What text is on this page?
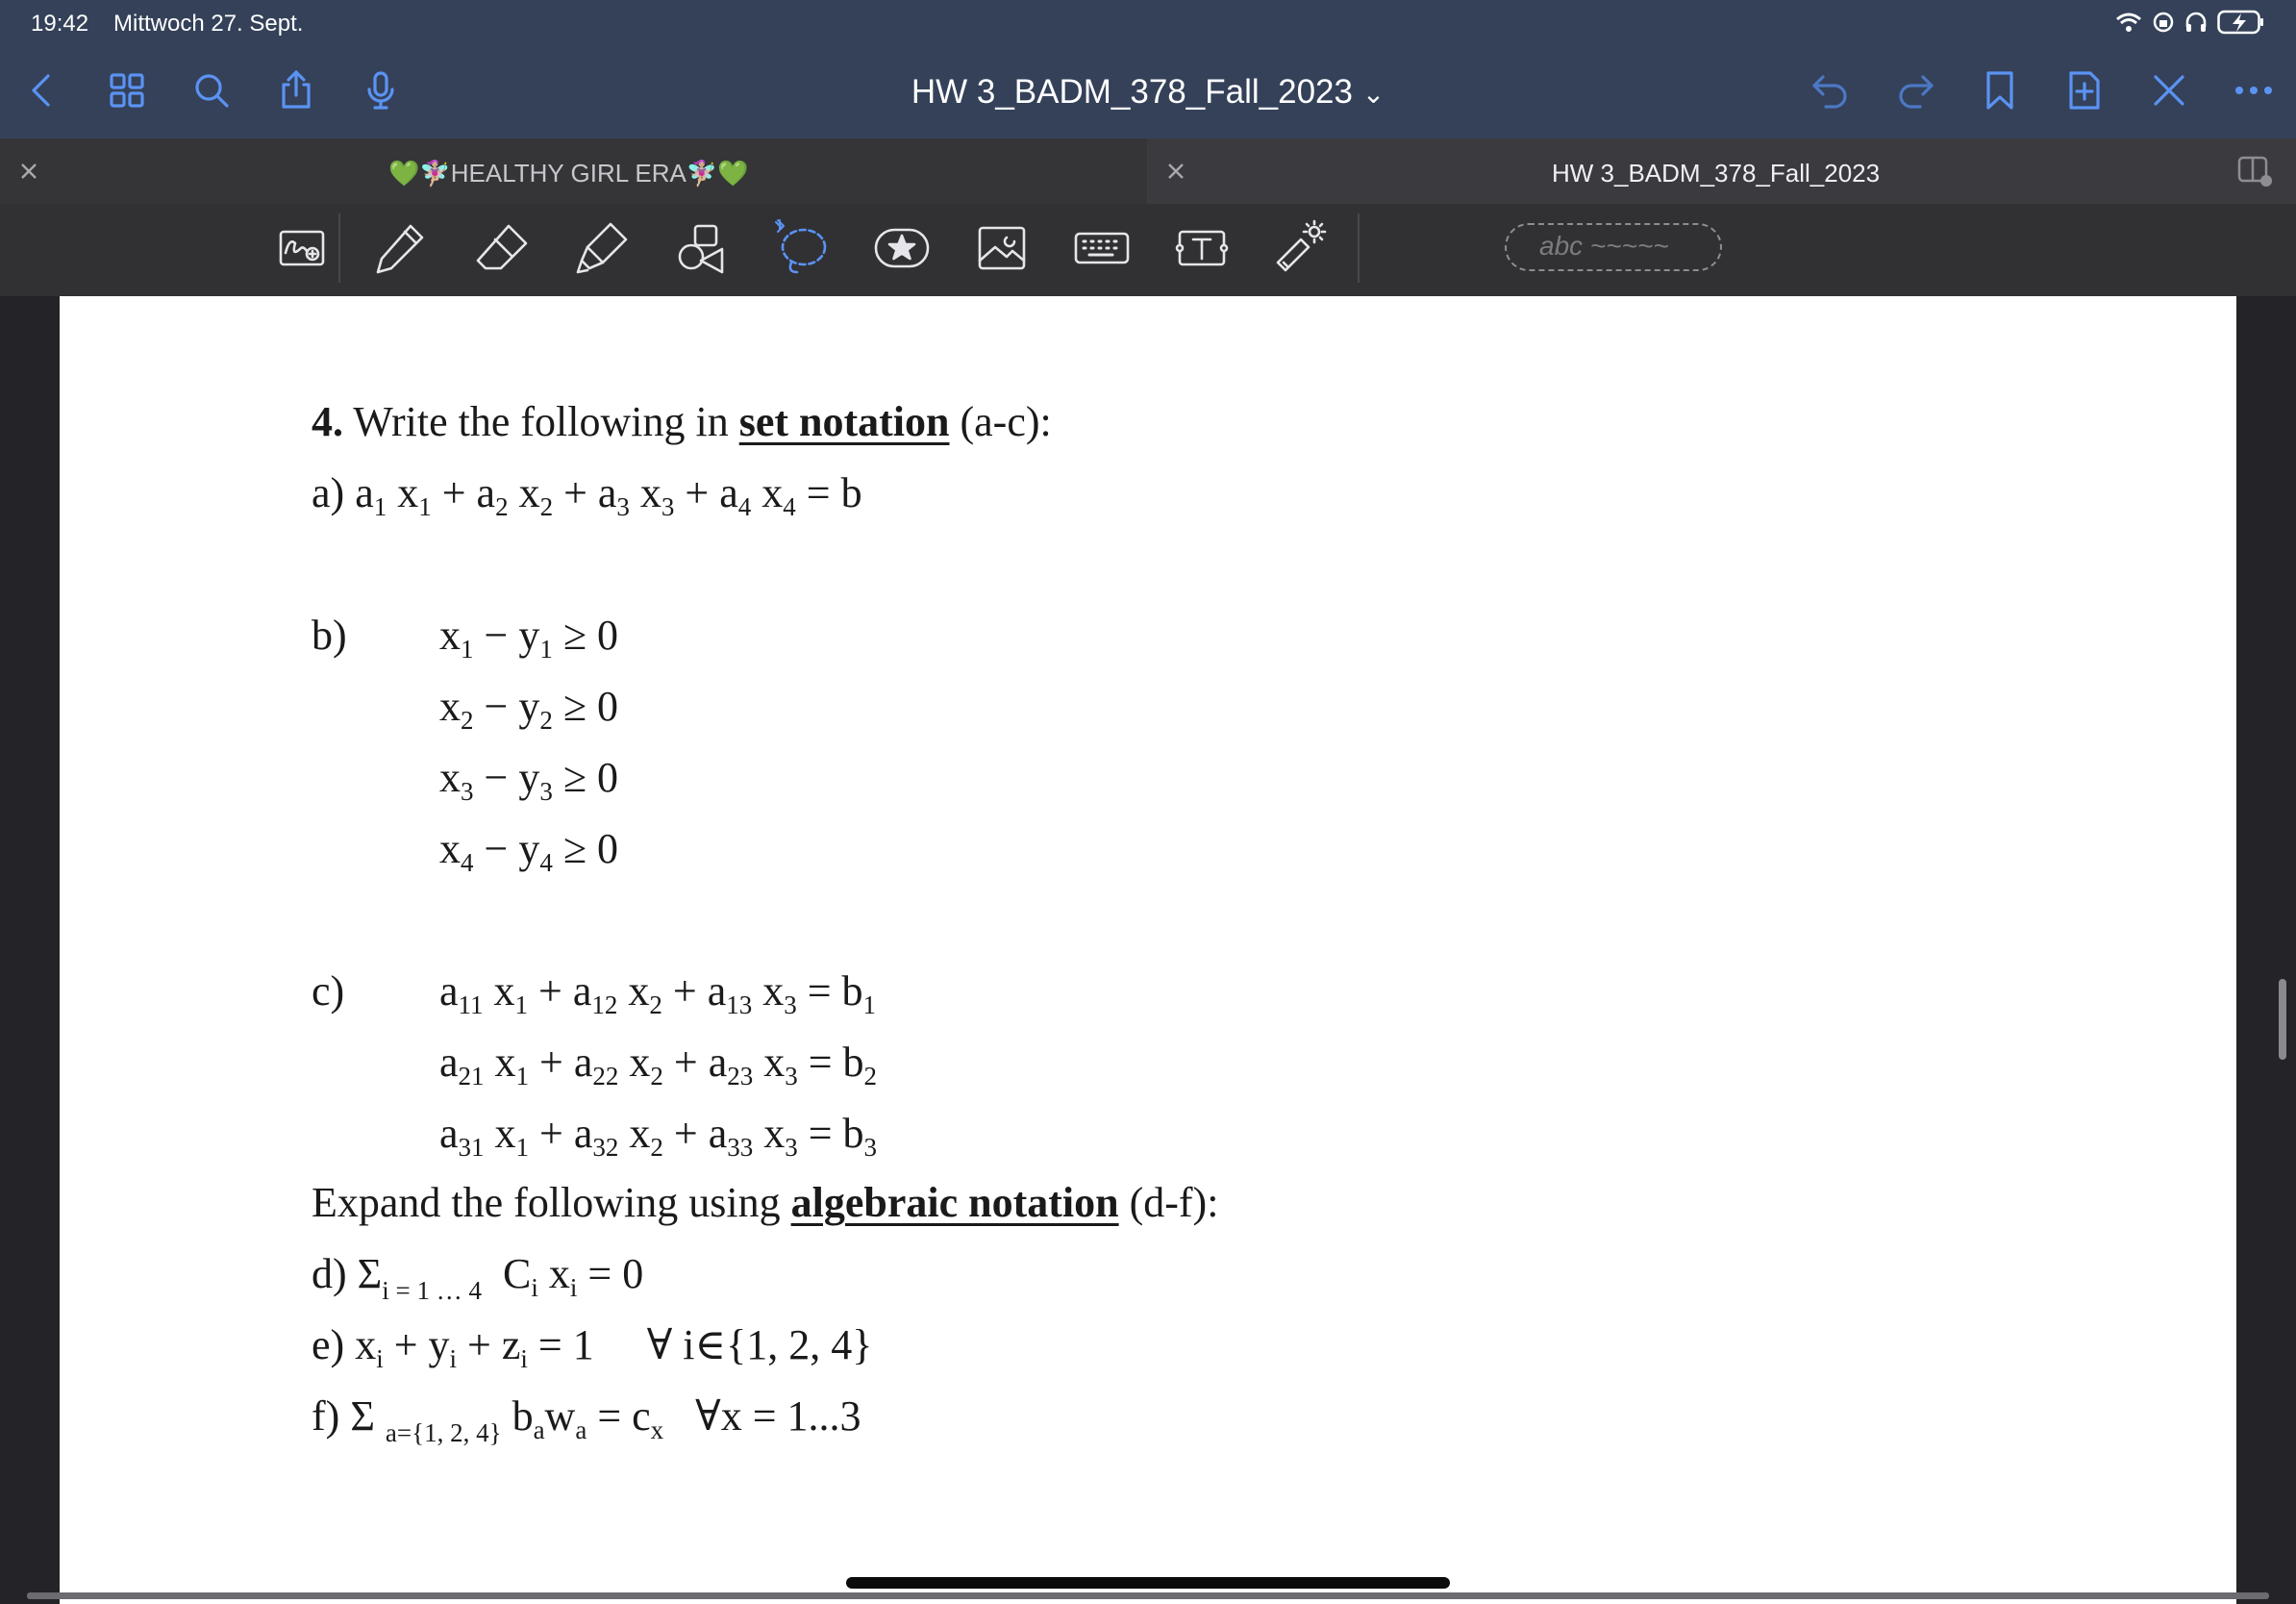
19:42 Mittwoch 27. Sept.
HW 3_BADM_378_Fall_2023 ⌄
💚🧚🏼‍♀️HEALTHY GIRL ERA🧚🏼‍♀️💚	HW 3_BADM_378_Fall_2023
abc ~~~~~
4. Write the following in set notation (a-c):
a) $a_1$ $x_1 + a_2$ $x_2 + a_3$ $x_3 + a_4$ $x_4 = b$
b) $x_1 - y_1 \ge 0$
$x_2 - y_2 \ge 0$
$x_3 - y_3 \ge 0$
$x_4 - y_4 \ge 0$
c) $a_{11}$ $x_1 + a_{12}$ $x_2 + a_{13}$ $x_3 = b_1$
$a_{21}$ $x_1 + a_{22}$ $x_2 + a_{23}$ $x_3 = b_2$
$a_{31}$ $x_1 + a_{32}$ $x_2 + a_{33}$ $x_3 = b_3$
Expand the following using algebraic notation (d-f):
d) $\Sigma_{i = 1 \dots 4}$  $C_i$ $x_i = 0$
e) $x_i + y_i + z_i = 1$     ∀ i∈{1, 2, 4}
f) Σ $_{a=\{1, 2, 4\}}$ $b_aw_a = c_x$ ∀x = 1...3
